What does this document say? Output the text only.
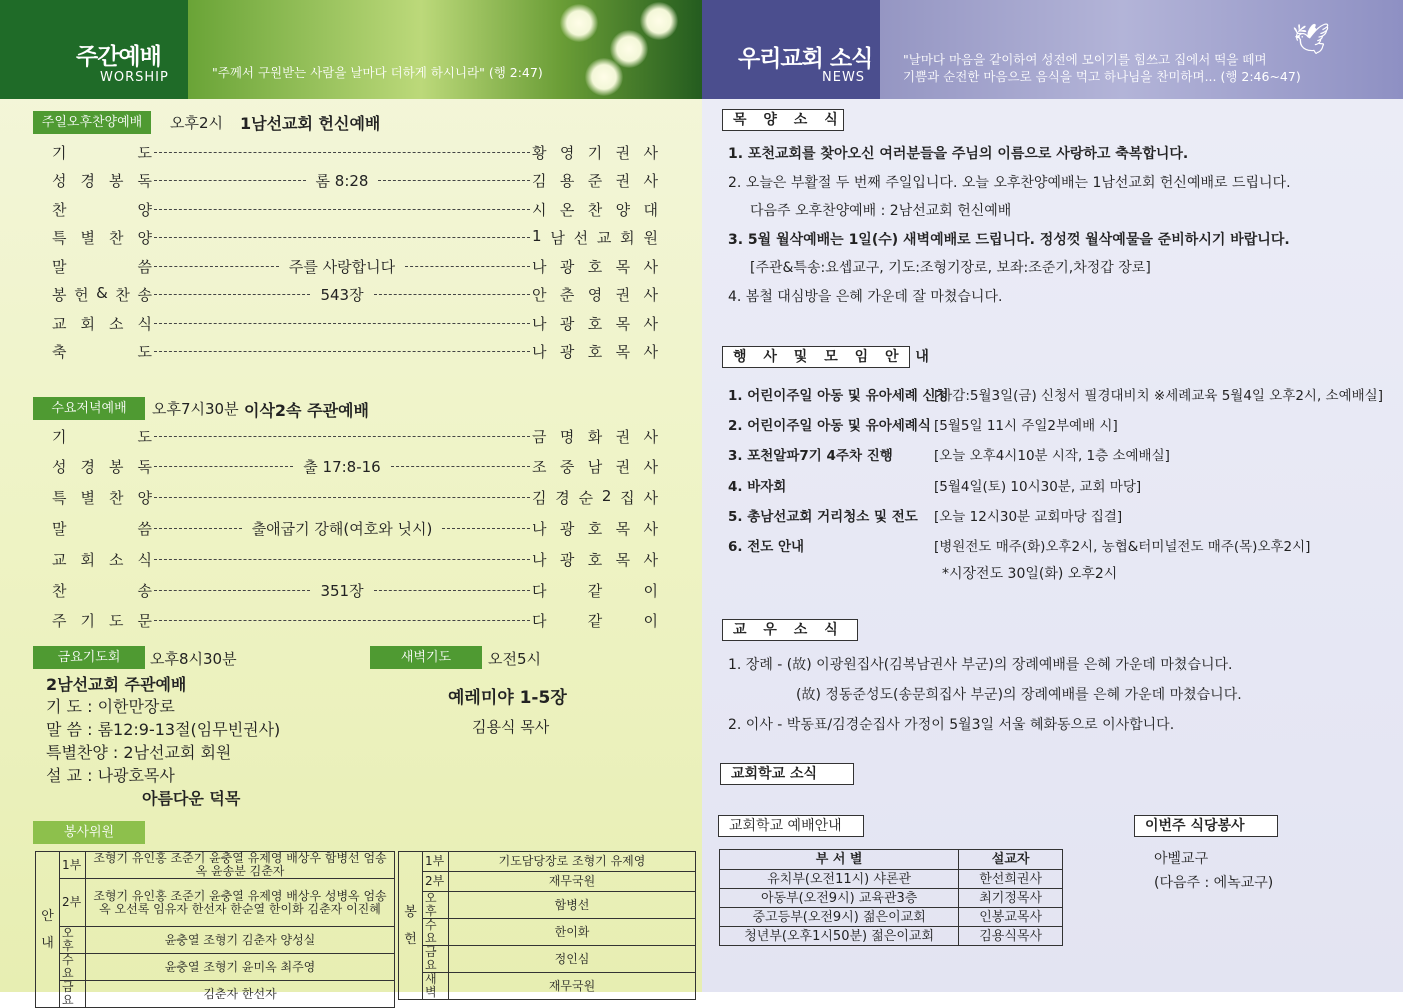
주간예배
WORSHIP	"주께서 구원받는 사람을 날마다 더하게 하시니라" (행 2:47)
🕊
우리교회 소식
NEWS
"날마다 마음을 같이하여 성전에 모이기를 힘쓰고 집에서 떡을 떼며
기쁨과 순전한 마음으로 음식을 먹고 하나님을 찬미하며... (행 2:46~47)
주일오후찬양예배	오후2시 1남선교회 헌신예배
기	도	황 영 기 권 사
성 경 봉 독	롬 8:28	김 용 준 권 사
찬	양	시 온 찬 양 대
특 별 찬 양	1 남 선 교 회 원
말	씀	주를 사랑합니다	나 광 호 목 사
봉 헌 & 찬 송	543장	안 춘 영 권 사
교 회 소 식	나 광 호 목 사
축	도	나 광 호 목 사
수요저녁예배	오후7시30분 이삭2속 주관예배
기	도	금 명 화 권 사
성 경 봉 독	출 17:8-16	조 중 남 권 사
특 별 찬 양	김 경 순 2 집 사
말	씀	출애굽기 강해(여호와 닛시)	나 광 호 목 사
교 회 소 식	나 광 호 목 사
찬	송	351장	다	같	이
주 기 도 문	다	같	이
금요기도회	오후8시30분
2남선교회 주관예배
기 도 : 이한만장로
말 씀 : 롬12:9-13절(임무빈권사)
특별찬양 : 2남선교회 회원
설 교 : 나광호목사
아름다운 덕목
새벽기도	오전5시
예레미야 1-5장
김용식 목사
봉사위원
안
내	1부	조형기 유인홍 조준기 윤충열 유제영 배상우 함병선 엄송옥 윤송분 김춘자
	2부	조형기 유인홍 조준기 윤충열 유제영 배상우 성병옥 엄송옥 오선록 임유자 한선자 한순열 한이화 김춘자 이진혜
	오후	윤충열 조형기 김춘자 양성실
	수요	윤충열 조형기 윤미옥 최주영
	금요	김춘자 한선자
봉
헌	1부	기도담당장로 조형기 유제영
	2부	재무국원
	오후	함병선
	수요	한이화
	금요	정인심
	새벽	재무국원
목 양 소 식
1. 포천교회를 찾아오신 여러분들을 주님의 이름으로 사랑하고 축복합니다.
2. 오늘은 부활절 두 번째 주일입니다. 오늘 오후찬양예배는 1남선교회 헌신예배로 드립니다.
다음주 오후찬양예배 : 2남선교회 헌신예배
3. 5월 월삭예배는 1일(수) 새벽예배로 드립니다. 정성껏 월삭예물을 준비하시기 바랍니다.
[주관&특송:요셉교구, 기도:조형기장로, 보좌:조준기,차정갑 장로]
4. 봄철 대심방을 은혜 가운데 잘 마쳤습니다.
행 사 및 모 임 안 내
1. 어린이주일 아동 및 유아세례 신청
[마감:5월3일(금) 신청서 필경대비치 ※세례교육 5월4일 오후2시, 소예배실]
2. 어린이주일 아동 및 유아세례식 [5월5일 11시 주일2부예배 시]
3. 포천알파7기 4주차 진행	[오늘 오후4시10분 시작, 1층 소예배실]
4. 바자회	[5월4일(토) 10시30분, 교회 마당]
5. 총남선교회 거리청소 및 전도 [오늘 12시30분 교회마당 집결]
6. 전도 안내	[병원전도 매주(화)오후2시, 농협&터미널전도 매주(목)오후2시]
*시장전도 30일(화) 오후2시
교 우 소 식
1. 장례 - (故) 이광원집사(김복남권사 부군)의 장례예배를 은혜 가운데 마쳤습니다.
(故) 정동준성도(송문희집사 부군)의 장례예배를 은혜 가운데 마쳤습니다.
2. 이사 - 박동표/김경순집사 가정이 5월3일 서울 혜화동으로 이사합니다.
교회학교 소식
교회학교 예배안내
부 서 별	설교자
유치부(오전11시) 샤론관	한선희권사
아동부(오전9시) 교육관3층	최기정목사
중고등부(오전9시) 젊은이교회	인봉교목사
청년부(오후1시50분) 젊은이교회	김용식목사
이번주 식당봉사
아벨교구
(다음주 : 에녹교구)
